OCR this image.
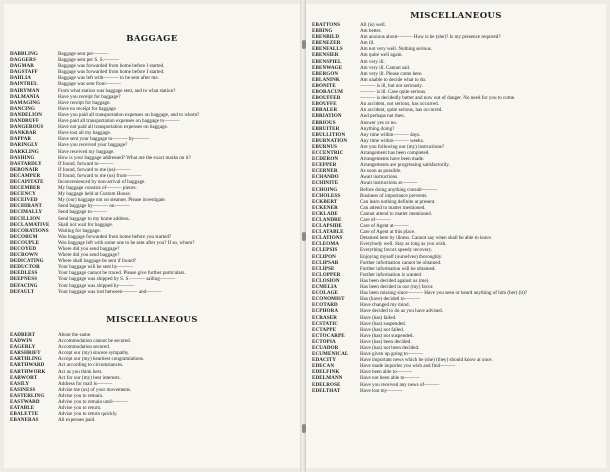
BAGGAGE
DABBLING	Baggage sent per———
DAGGERS	Baggage sent per S. S.———
DAGMAR	Baggage was forwarded from home before I started.
DAGSTAFF	Baggage was forwarded from home before I started.
DAHLIA	Baggage was left with——— to be sent after me.
DAINTREL	Baggage was sent from———
DAIRYMAN	From what station was baggage sent, and to what station?
DALMANIA	Have you receipt for baggage?
DAMAGING	Have receipt for baggage.
DANCING	Have no receipt for baggage.
DANDELION	Have you paid all transportation expenses on baggage, and to whom?
DANDRUFF	Have paid all transportation expenses on baggage to———
DANGEROUS	Have not paid all transportation expenses on baggage.
DANKBAR	Have lost all my baggage.
DAPPAR	Have sent your baggage to——— by———
DARINGLY	Have you received your baggage?
DARKLING	Have received my baggage.
DASHING	How is your baggage addressed? What are the exact marks on it?
DASTARDLY	If found, forward to———
DEBONAIR	If found, forward to me (us)———
DECAMPER	If found, forward to me (us) from———
DECAPITATE	Inconvenienced by non-arrival of baggage.
DECEMBER	My baggage consists of——— pieces.
DECENCY	My baggage held at Custom House.
DECEIVED	My (our) baggage not on steamer. Please investigate.
DECHIRANT	Send baggage by——— on———
DECIMALLY	Send baggage to———
DECILLION	Send baggage to my home address.
DECLAMATIVE	Shall not wait for baggage.
DECORATIONS	Waiting for baggage.
DECORUM	Was baggage forwarded from home before you started?
DECOUPLE	Was baggage left with some one to be sent after you? If so, whom?
DECOYED	Where did you send baggage?
DECROWN	Where did you send baggage?
DEDICATING	Where shall baggage be sent if found?
DEDUCTOR	Your baggage will be sent by———
DEEDLESS	Your baggage cannot be traced. Please give further particulars.
DEEPNESS	Your baggage was shipped by S. S.——— sailing———
DEFACING	Your baggage was shipped by———
DEFAULT	Your baggage was lost between——— and———
MISCELLANEOUS
EADBERT	About the same.
EADWIN	Accommodation cannot be secured.
EAGERLY	Accommodation secured.
EARSHRIFT	Accept our (my) sincere sympathy.
EARTHLING	Accept our (my) heartiest congratulations.
EARTHWARD	Act according to circumstances.
EARTHWORK	Act as you think best.
EARWORT	Act for our (my) best interests.
EASILY	Address for mail is———
EASINESS	Advise me (us) of your movements.
EASTERLING	Advise you to remain.
EASTWARD	Advise you to remain until———
EATABLE	Advise you to return.
EBALETTE	Advise you to return quickly.
EBANERAS	All expenses paid.
MISCELLANEOUS
EBATTONS	All (is) well.
EBBING	Am better.
EBENBILD	Am anxious about——— How is he (she)? Is my presence required?
EBENEZER	Am ill.
EBENFALLS	Am not very well. Nothing serious.
EBENSIER	Am quite well again.
EBENSPIEL	Am very ill.
EBENWAGE	Am very ill. Cannot sail.
EBERGON	Am very ill. Please come here.
EBLANINK	Am unable to decide what to do.
EBONITE	——— is ill, but not seriously.
EBORACUM	——— is ill. Case quite serious.
EBOUFFER	——— is decidedly better and now out of danger. No need for you to come.
EBOUFFE	An accident, not serious, has occurred.
EBRALER	An accident, quite serious, has occurred.
EBRIATION	And perhaps not then.
EBRIOUS	Answer yes or no.
EBRUITER	Anything doing?
EBULLITION	Any time within——— days.
EBURNATION	Any time within——— weeks.
EBURNUS	Are you following our (my) instructions?
ECCENTRIC	Arrangement has been completed.
ECDERON	Arrangements have been made.
ECEPPER	Arrangements are progressing satisfactorily.
ECERNER	As soon as possible.
ECHANDO	Await instructions.
ECHINITE	Await instructions at———
ECHOING	Before doing anything consult———
ECHOLESS	Business of importance prevents.
ECKBERT	Can learn nothing definite at present.
ECKENER	Can attend to matter mentioned.
ECKLADE	Cannot attend to matter mentioned.
ECLANDRE	Care of———
ECLAPSIDE	Care of Agent at———
ECLATABLE	Care of Agent at this place.
ECLATIONS	Detained here by illness. Cannot say when shall be able to leave.
ECLEOMA	Everybody well. Stay as long as you wish.
ECLEPSIS	Everything favors speedy recovery.
ECLIPON	Enjoying myself (ourselves) thoroughly.
ECLIPSAR	Further information cannot be obtained.
ECLIPSE	Further information will be obtained.
ECLOPPER	Further information is wanted.
ECLOSION	Has been decided against us (me).
ECMELIA	Has been decided in our (my) favor.
ECOLAGE	Has been missing since——— Have you seen or heard anything of him (her) (it)?
ECONOMIST	Has (have) decided to———
ECOTARD	Have changed my mind.
ECPHORA	Have decided to do as you have advised.
ECRASER	Have (has) failed.
ECSTATIC	Have (has) suspended.
ECTAPPE	Have (has) not failed.
ECTOCARPE	Have (has) not suspended.
ECTOPIA	Have (has) been decided.
ECUADOR	Have (has) not been decided.
ECUMENICAL	Have given up going to———
EDACITY	Have important news which he (she) (they) should know at once.
EDECAN	Have made inquiries you wish and find———
EDELFINK	Have been able to———
EDELMANN	Have not been able to———
EDELROSE	Have you received any news of———
EDELTHAT	Have lost my———
